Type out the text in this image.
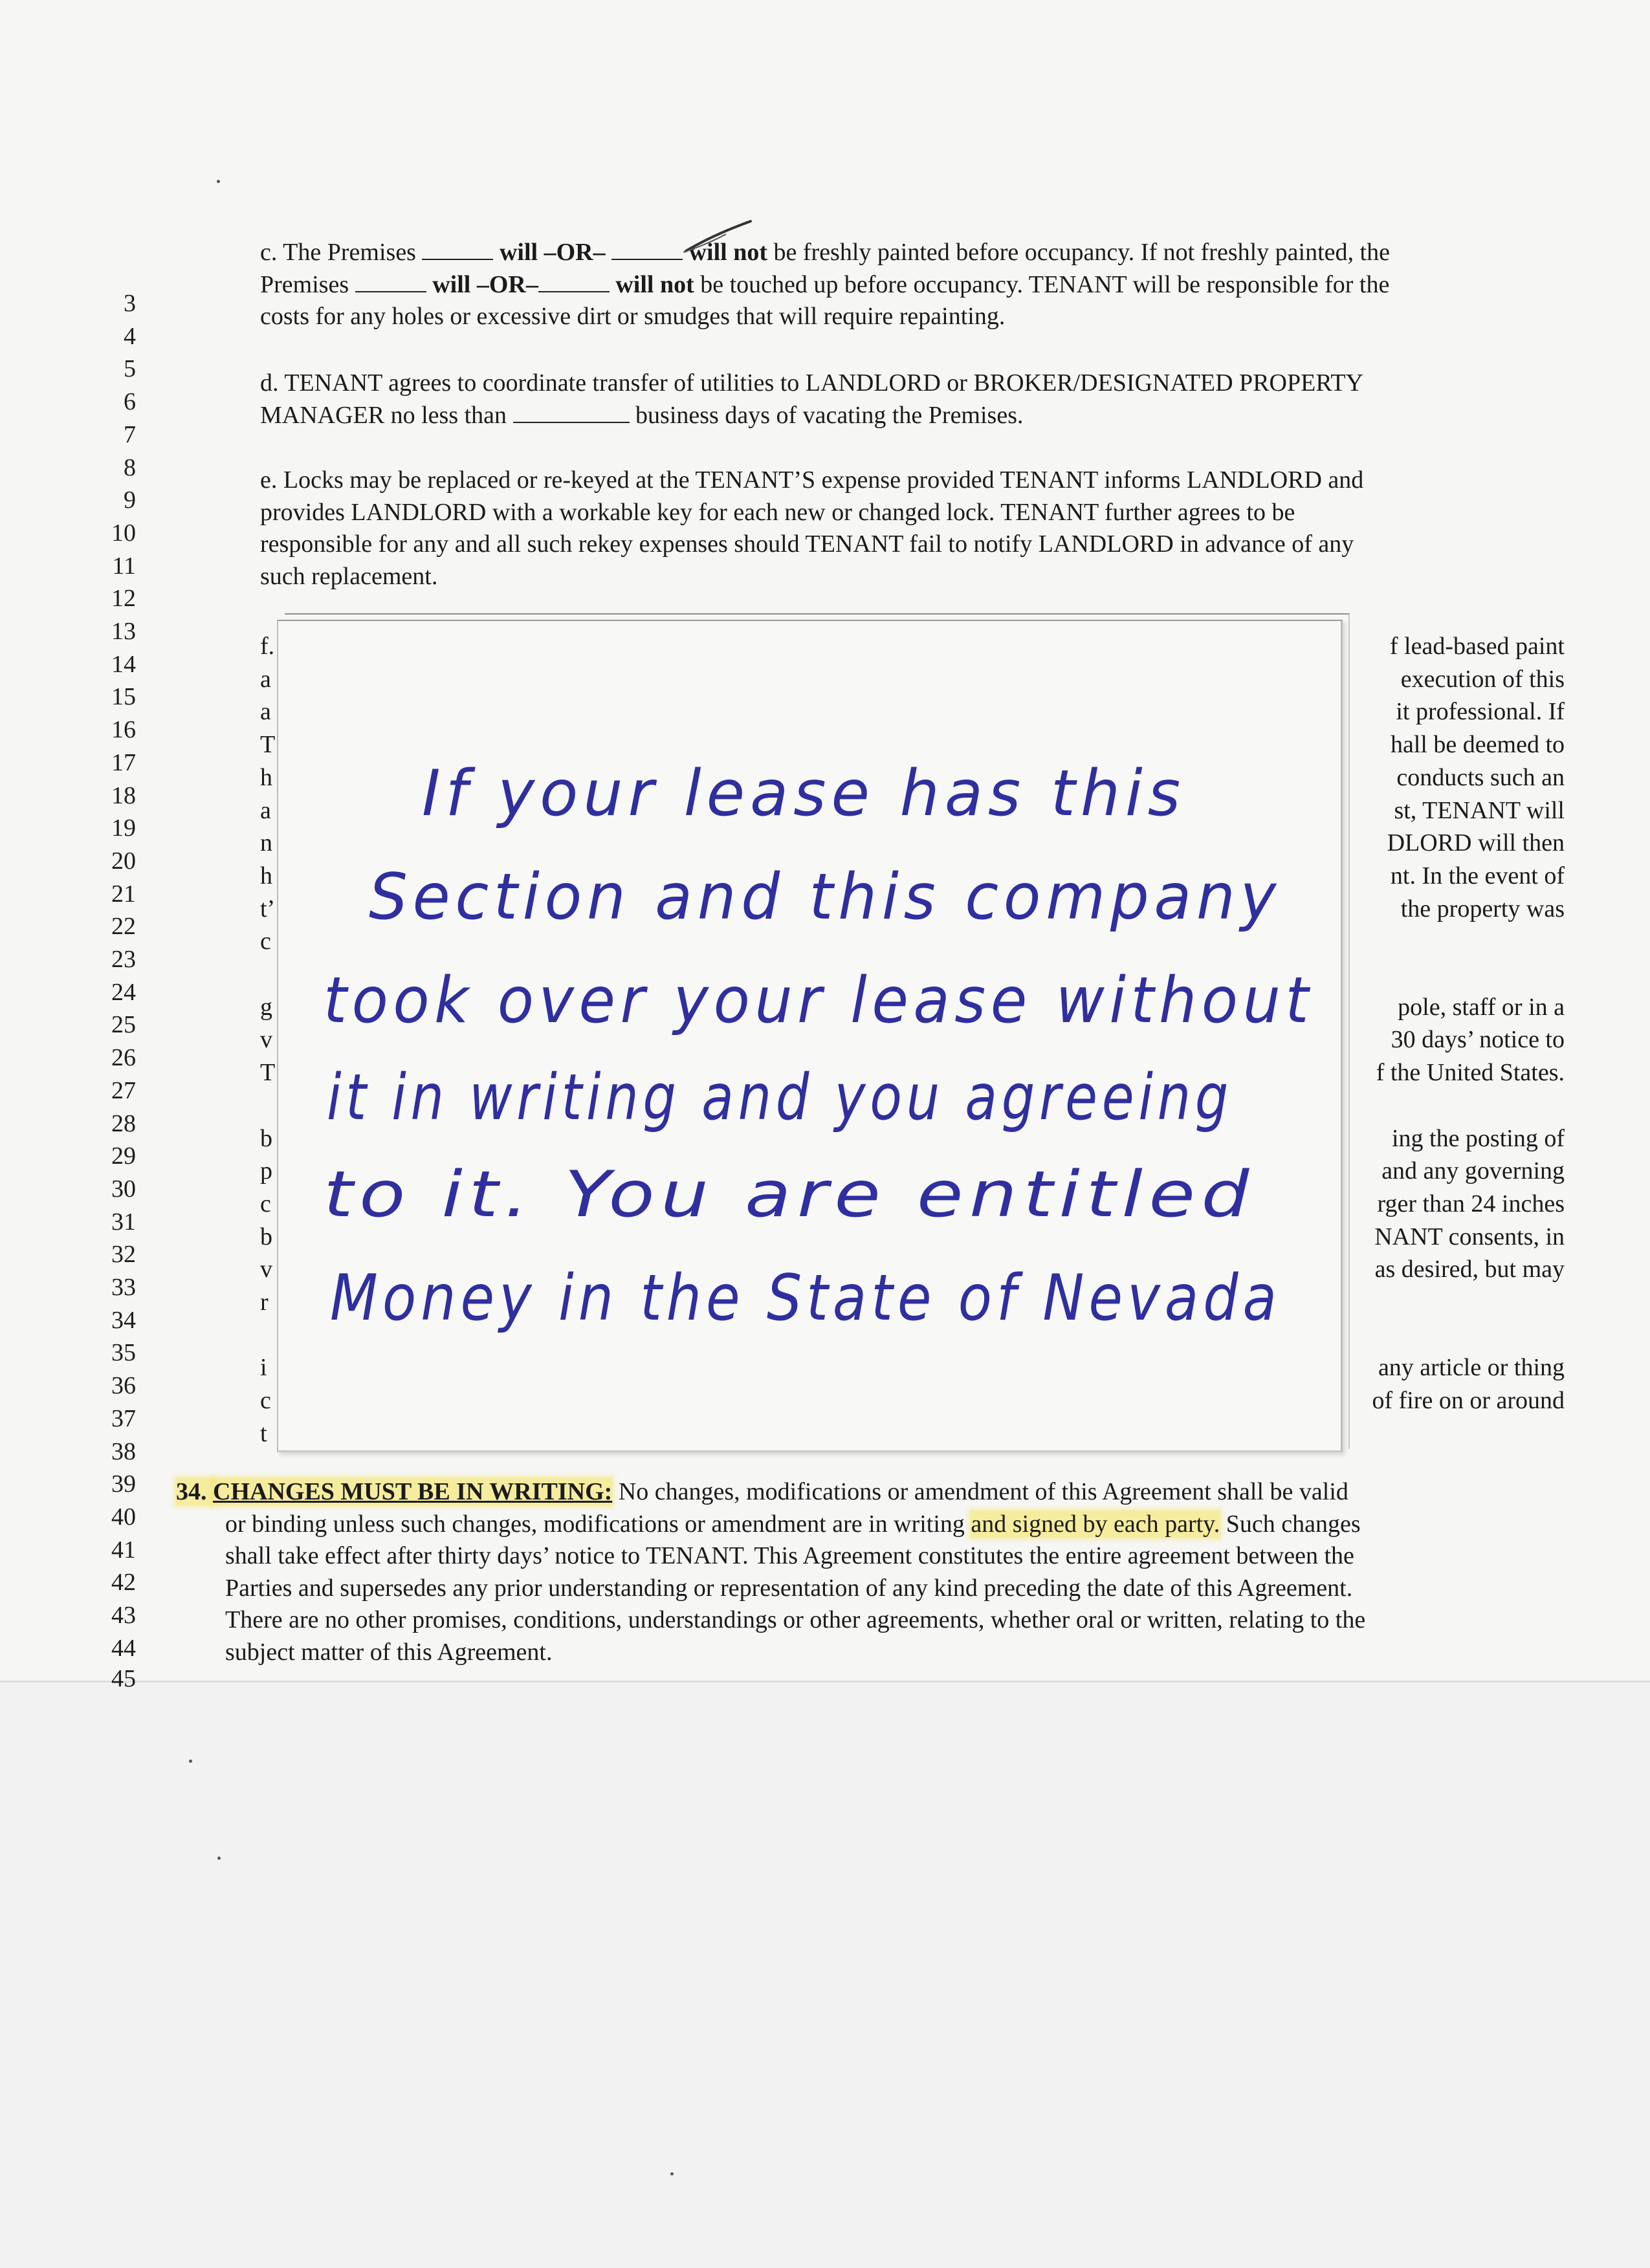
3
4
5
6
7
8
9
10
11
12
13
14
15
16
17
18
19
20
21
22
23
24
25
26
27
28
29
30
31
32
33
34
35
36
37
38
39
40
41
42
43
44
45
c. The Premises	will –OR–	will not be freshly painted before occupancy. If not freshly painted, the
Premises	will –OR–	will not be touched up before occupancy. TENANT will be responsible for the
costs for any holes or excessive dirt or smudges that will require repainting.
d. TENANT agrees to coordinate transfer of utilities to LANDLORD or BROKER/DESIGNATED PROPERTY
MANAGER no less than	business days of vacating the Premises.
e. Locks may be replaced or re-keyed at the TENANT’S expense provided TENANT informs LANDLORD and
provides LANDLORD with a workable key for each new or changed lock. TENANT further agrees to be
responsible for any and all such rekey expenses should TENANT fail to notify LANDLORD in advance of any
such replacement.
f.
a
a
T
h
a
n
h
t’
c
g
v
T
b
p
c
b
v
r
i
c
t
f lead-based paint
execution of this
it professional. If
hall be deemed to
conducts such an
st, TENANT will
DLORD will then
nt. In the event of
the property was
pole, staff or in a
30 days’ notice to
f the United States.
ing the posting of
and any governing
rger than 24 inches
NANT consents, in
as desired, but may
any article or thing
of fire on or around
If your lease has this
Section and this company
took over your lease without
it in writing and you agreeing
to it. You are entitled
Money in the State of Nevada
34. CHANGES MUST BE IN WRITING: No changes, modifications or amendment of this Agreement shall be valid
or binding unless such changes, modifications or amendment are in writing and signed by each party. Such changes
shall take effect after thirty days’ notice to TENANT. This Agreement constitutes the entire agreement between the
Parties and supersedes any prior understanding or representation of any kind preceding the date of this Agreement.
There are no other promises, conditions, understandings or other agreements, whether oral or written, relating to the
subject matter of this Agreement.
